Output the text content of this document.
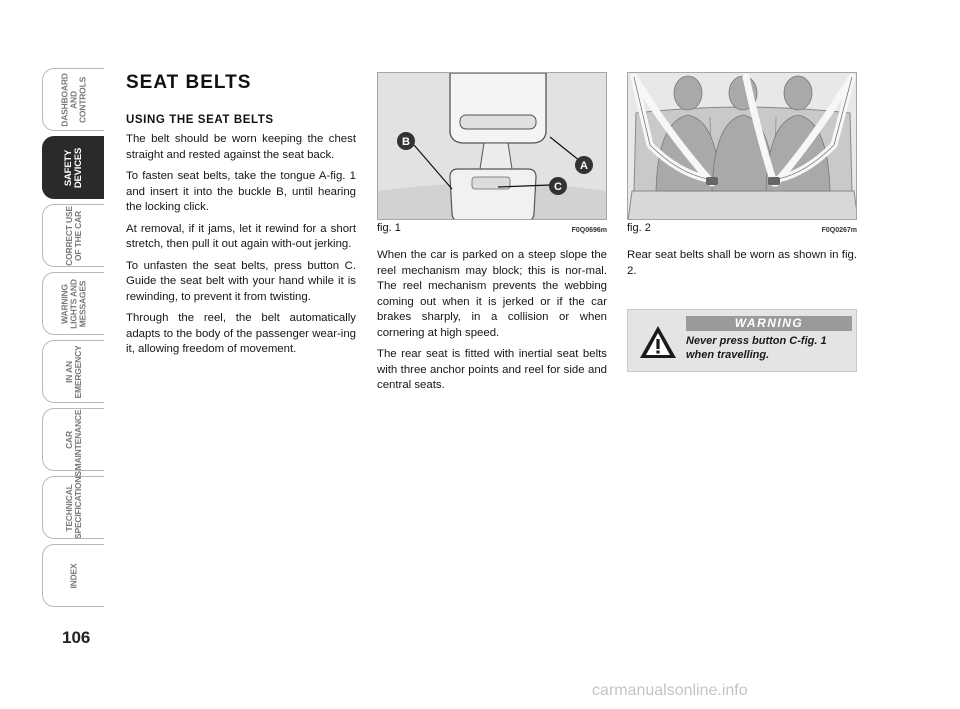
DASHBOARD
AND CONTROLS
SAFETY
DEVICES
CORRECT USE
OF THE CAR
WARNING
LIGHTS AND
MESSAGES
IN AN
EMERGENCY
CAR
MAINTENANCE
TECHNICAL
SPECIFICATIONS
INDEX
106
SEAT BELTS
USING THE SEAT BELTS

The belt should be worn keeping the chest straight and rested against the seat back.

To fasten seat belts, take the tongue A-fig. 1 and insert it into the buckle B, until hearing the locking click.

At removal, if it jams, let it rewind for a short stretch, then pull it out again with-out jerking.

To unfasten the seat belts, press button C. Guide the seat belt with your hand while it is rewinding, to prevent it from twisting.

Through the reel, the belt automatically adapts to the body of the passenger wear-ing it, allowing freedom of movement.

B
A
C
fig. 1	F0Q0696m

When the car is parked on a steep slope the reel mechanism may block; this is nor-mal. The reel mechanism prevents the webbing coming out when it is jerked or if the car brakes sharply, in a collision or when cornering at high speed.

The rear seat is fitted with inertial seat belts with three anchor points and reel for side and central seats.

fig. 2	F0Q0267m

Rear seat belts shall be worn as shown in fig. 2.

WARNING
Never press button C-fig. 1 when travelling.
carmanualsonline.info
